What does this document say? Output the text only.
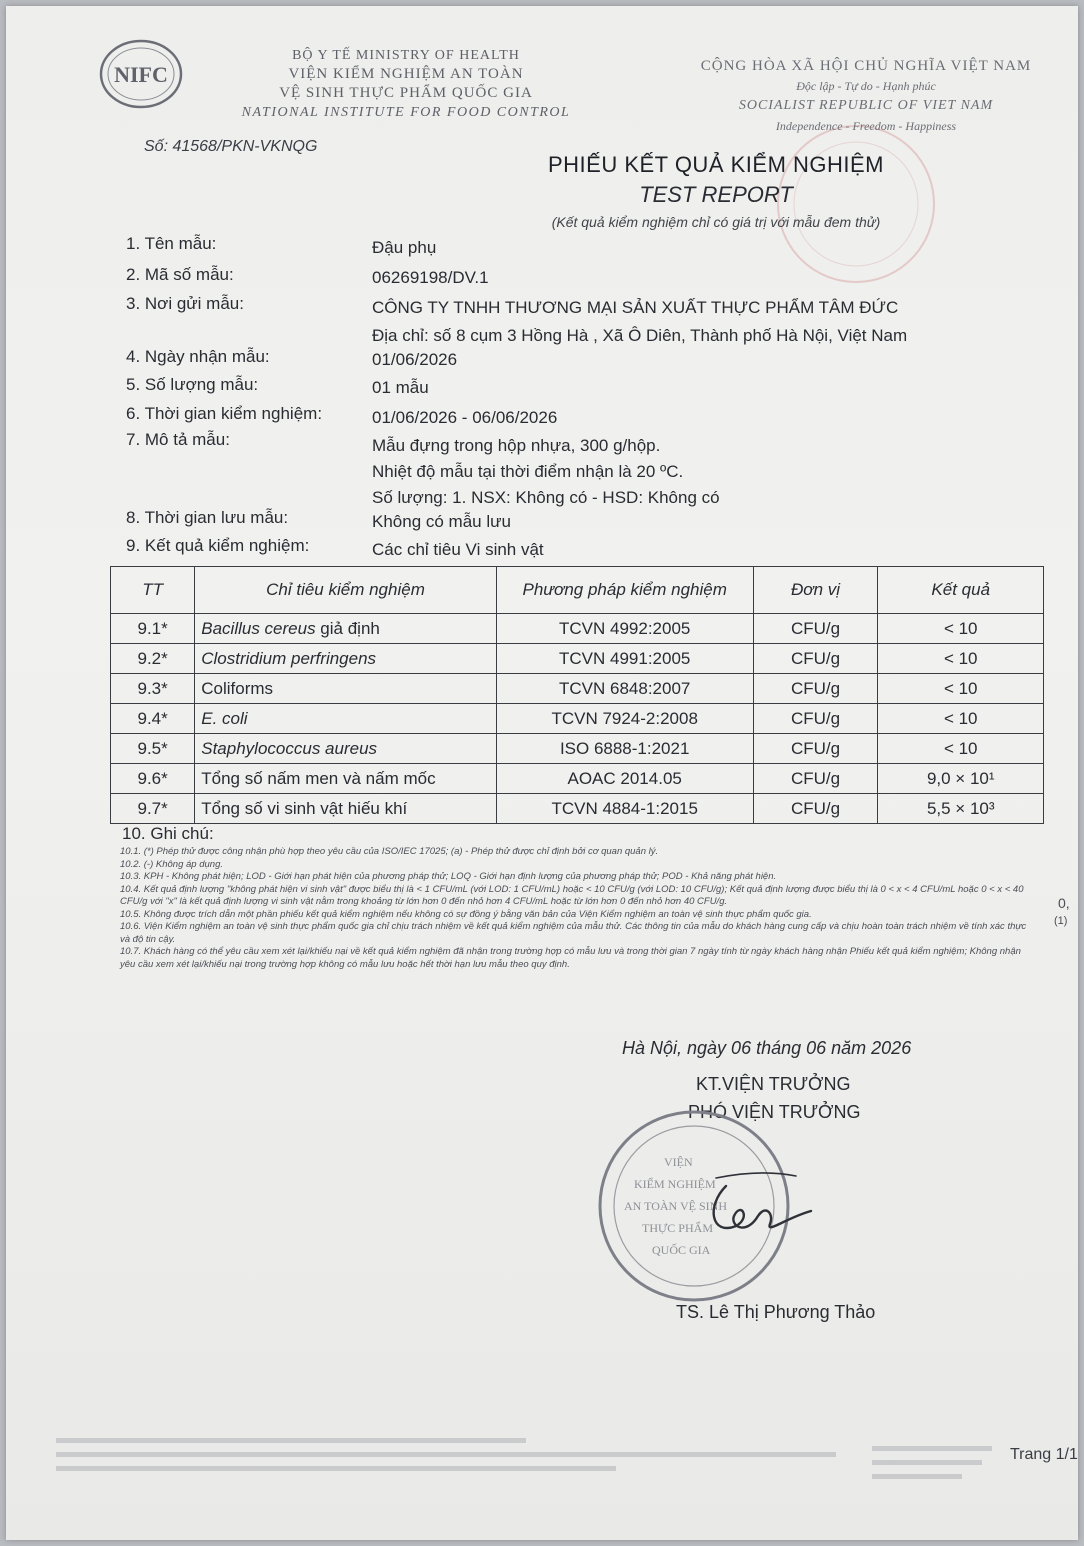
NIFC
BỘ Y TẾ MINISTRY OF HEALTH
VIỆN KIỂM NGHIỆM AN TOÀN
VỆ SINH THỰC PHẨM QUỐC GIA
NATIONAL INSTITUTE FOR FOOD CONTROL
CỘNG HÒA XÃ HỘI CHỦ NGHĨA VIỆT NAM
Độc lập - Tự do - Hạnh phúc
SOCIALIST REPUBLIC OF VIET NAM
Independence - Freedom - Happiness
Số: 41568/PKN-VKNQG
PHIẾU KẾT QUẢ KIỂM NGHIỆM
TEST REPORT
(Kết quả kiểm nghiệm chỉ có giá trị với mẫu đem thử)
1. Tên mẫu:	Đậu phụ
2. Mã số mẫu:	06269198/DV.1
3. Nơi gửi mẫu:	CÔNG TY TNHH THƯƠNG MẠI SẢN XUẤT THỰC PHẨM TÂM ĐỨC
Địa chỉ: số 8 cụm 3 Hồng Hà , Xã Ô Diên, Thành phố Hà Nội, Việt Nam
4. Ngày nhận mẫu:	01/06/2026
5. Số lượng mẫu:	01 mẫu
6. Thời gian kiểm nghiệm:	01/06/2026 - 06/06/2026
7. Mô tả mẫu:	Mẫu đựng trong hộp nhựa, 300 g/hộp.
Nhiệt độ mẫu tại thời điểm nhận là 20 ºC.
Số lượng: 1. NSX: Không có - HSD: Không có
8. Thời gian lưu mẫu:	Không có mẫu lưu
9. Kết quả kiểm nghiệm:	Các chỉ tiêu Vi sinh vật
TT	Chỉ tiêu kiểm nghiệm	Phương pháp kiểm nghiệm	Đơn vị	Kết quả
9.1*	Bacillus cereus giả định	TCVN 4992:2005	CFU/g	< 10
9.2*	Clostridium perfringens	TCVN 4991:2005	CFU/g	< 10
9.3*	Coliforms	TCVN 6848:2007	CFU/g	< 10
9.4*	E. coli	TCVN 7924-2:2008	CFU/g	< 10
9.5*	Staphylococcus aureus	ISO 6888-1:2021	CFU/g	< 10
9.6*	Tổng số nấm men và nấm mốc	AOAC 2014.05	CFU/g	9,0 × 10¹
9.7*	Tổng số vi sinh vật hiếu khí	TCVN 4884-1:2015	CFU/g	5,5 × 10³
10. Ghi chú:
10.1. (*) Phép thử được công nhận phù hợp theo yêu cầu của ISO/IEC 17025; (a) - Phép thử được chỉ định bởi cơ quan quản lý.
10.2. (-) Không áp dụng.
10.3. KPH - Không phát hiện; LOD - Giới hạn phát hiện của phương pháp thử; LOQ - Giới hạn định lượng của phương pháp thử; POD - Khả năng phát hiện.
10.4. Kết quả định lượng "không phát hiện vi sinh vật" được biểu thị là < 1 CFU/mL (với LOD: 1 CFU/mL) hoặc < 10 CFU/g (với LOD: 10 CFU/g); Kết quả định lượng được biểu thị là 0 < x < 4 CFU/mL hoặc 0 < x < 40 CFU/g với "x" là kết quả định lượng vi sinh vật nằm trong khoảng từ lớn hơn 0 đến nhỏ hơn 4 CFU/mL hoặc từ lớn hơn 0 đến nhỏ hơn 40 CFU/g.
10.5. Không được trích dẫn một phần phiếu kết quả kiểm nghiệm nếu không có sự đồng ý bằng văn bản của Viện Kiểm nghiệm an toàn vệ sinh thực phẩm quốc gia.
10.6. Viện Kiểm nghiệm an toàn vệ sinh thực phẩm quốc gia chỉ chịu trách nhiệm về kết quả kiểm nghiệm của mẫu thử. Các thông tin của mẫu do khách hàng cung cấp và chịu hoàn toàn trách nhiệm về tính xác thực và độ tin cậy.
10.7. Khách hàng có thể yêu cầu xem xét lại/khiếu nại về kết quả kiểm nghiệm đã nhận trong trường hợp có mẫu lưu và trong thời gian 7 ngày tính từ ngày khách hàng nhận Phiếu kết quả kiểm nghiệm; Không nhận yêu cầu xem xét lại/khiếu nại trong trường hợp không có mẫu lưu hoặc hết thời hạn lưu mẫu theo quy định.
0,
(1)
Hà Nội, ngày 06 tháng 06 năm 2026
KT.VIỆN TRƯỞNG
PHÓ VIỆN TRƯỞNG
VIỆN
KIỂM NGHIỆM
AN TOÀN VỆ SINH
THỰC PHẨM
QUỐC GIA
TS. Lê Thị Phương Thảo
Trang 1/1
